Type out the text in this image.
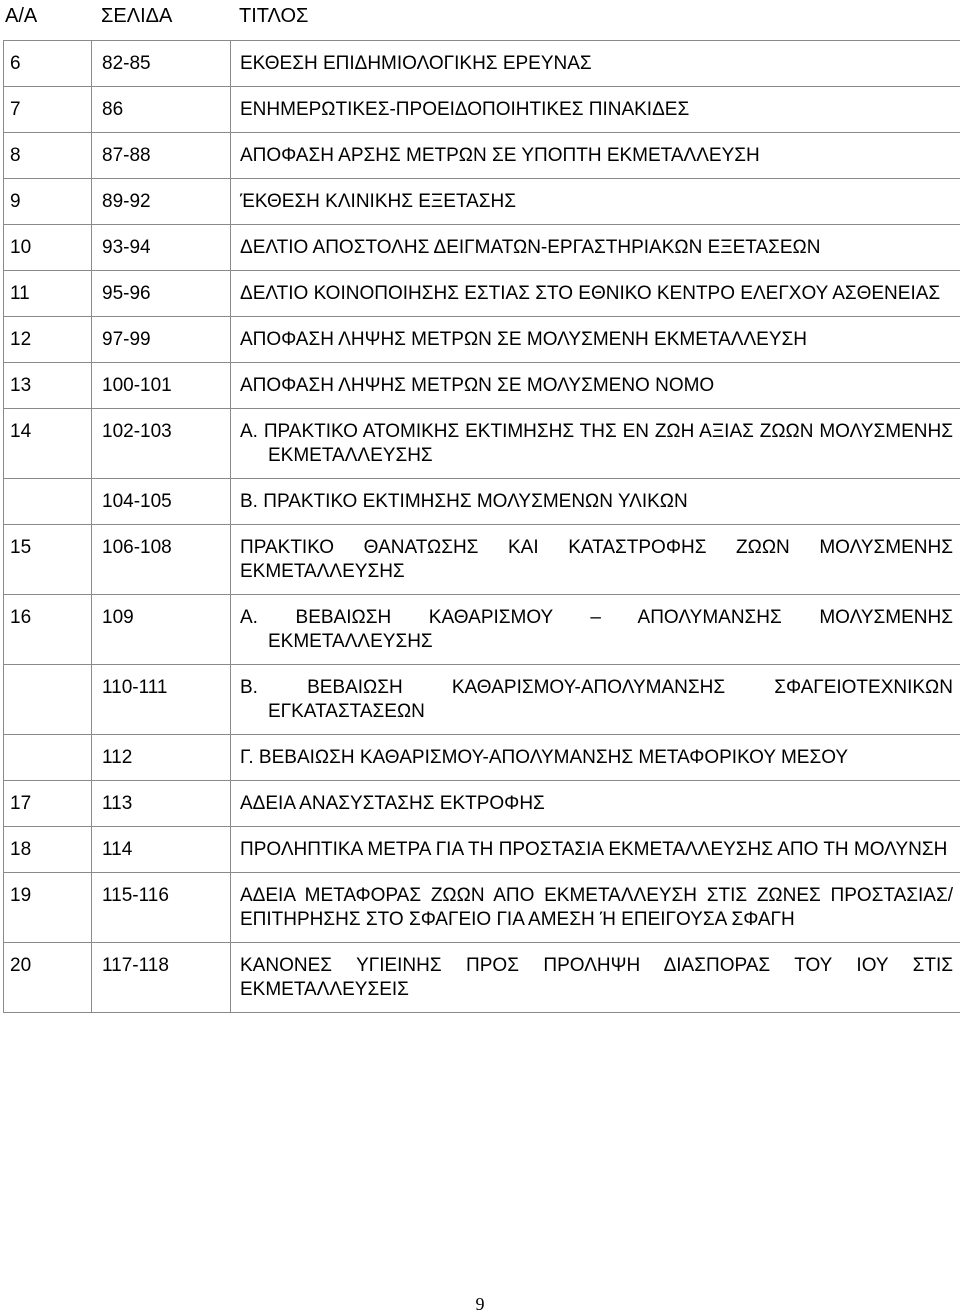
Α/Α	ΣΕΛΙΔΑ	ΤΙΤΛΟΣ
6	82-85	ΕΚΘΕΣΗ ΕΠΙΔΗΜΙΟΛΟΓΙΚΗΣ ΕΡΕΥΝΑΣ

7	86	ΕΝΗΜΕΡΩΤΙΚΕΣ-ΠΡΟΕΙΔΟΠΟΙΗΤΙΚΕΣ ΠΙΝΑΚΙΔΕΣ

8	87-88	ΑΠΟΦΑΣΗ ΑΡΣΗΣ ΜΕΤΡΩΝ ΣΕ ΥΠΟΠΤΗ ΕΚΜΕΤΑΛΛΕΥΣΗ

9	89-92	ΈΚΘΕΣΗ ΚΛΙΝΙΚΗΣ ΕΞΕΤΑΣΗΣ

10	93-94	ΔΕΛΤΙΟ ΑΠΟΣΤΟΛΗΣ ΔΕΙΓΜΑΤΩΝ-ΕΡΓΑΣΤΗΡΙΑΚΩΝ ΕΞΕΤΑΣΕΩΝ

11	95-96	ΔΕΛΤΙΟ ΚΟΙΝΟΠΟΙΗΣΗΣ ΕΣΤΙΑΣ ΣΤΟ ΕΘΝΙΚΟ ΚΕΝΤΡΟ ΕΛΕΓΧΟΥ ΑΣΘΕΝΕΙΑΣ

12	97-99	ΑΠΟΦΑΣΗ ΛΗΨΗΣ ΜΕΤΡΩΝ ΣΕ ΜΟΛΥΣΜΕΝΗ ΕΚΜΕΤΑΛΛΕΥΣΗ

13	100-101	ΑΠΟΦΑΣΗ ΛΗΨΗΣ ΜΕΤΡΩΝ ΣΕ ΜΟΛΥΣΜΕΝΟ ΝΟΜΟ

14	102-103	Α. ΠΡΑΚΤΙΚΟ ΑΤΟΜΙΚΗΣ ΕΚΤΙΜΗΣΗΣ ΤΗΣ ΕΝ ΖΩΗ ΑΞΙΑΣ ΖΩΩΝ ΜΟΛΥΣΜΕΝΗΣ ΕΚΜΕΤΑΛΛΕΥΣΗΣ

	104-105	Β. ΠΡΑΚΤΙΚΟ ΕΚΤΙΜΗΣΗΣ ΜΟΛΥΣΜΕΝΩΝ ΥΛΙΚΩΝ

15	106-108	ΠΡΑΚΤΙΚΟ ΘΑΝΑΤΩΣΗΣ ΚΑΙ ΚΑΤΑΣΤΡΟΦΗΣ ΖΩΩΝ ΜΟΛΥΣΜΕΝΗΣ ΕΚΜΕΤΑΛΛΕΥΣΗΣ

16	109	Α. ΒΕΒΑΙΩΣΗ ΚΑΘΑΡΙΣΜΟΥ – ΑΠΟΛΥΜΑΝΣΗΣ ΜΟΛΥΣΜΕΝΗΣ ΕΚΜΕΤΑΛΛΕΥΣΗΣ

	110-111	Β. ΒΕΒΑΙΩΣΗ ΚΑΘΑΡΙΣΜΟΥ-ΑΠΟΛΥΜΑΝΣΗΣ ΣΦΑΓΕΙΟΤΕΧΝΙΚΩΝ ΕΓΚΑΤΑΣΤΑΣΕΩΝ

	112	Γ. ΒΕΒΑΙΩΣΗ ΚΑΘΑΡΙΣΜΟΥ-ΑΠΟΛΥΜΑΝΣΗΣ ΜΕΤΑΦΟΡΙΚΟΥ ΜΕΣΟΥ

17	113	ΑΔΕΙΑ ΑΝΑΣΥΣΤΑΣΗΣ ΕΚΤΡΟΦΗΣ

18	114	ΠΡΟΛΗΠΤΙΚΑ ΜΕΤΡΑ ΓΙΑ ΤΗ ΠΡΟΣΤΑΣΙΑ ΕΚΜΕΤΑΛΛΕΥΣΗΣ ΑΠΟ ΤΗ ΜΟΛΥΝΣΗ

19	115-116	ΑΔΕΙΑ ΜΕΤΑΦΟΡΑΣ ΖΩΩΝ ΑΠΟ ΕΚΜΕΤΑΛΛΕΥΣΗ ΣΤΙΣ ΖΩΝΕΣ ΠΡΟΣΤΑΣΙΑΣ/ΕΠΙΤΗΡΗΣΗΣ ΣΤΟ ΣΦΑΓΕΙΟ ΓΙΑ ΑΜΕΣΗ Ή ΕΠΕΙΓΟΥΣΑ ΣΦΑΓΗ

20	117-118	ΚΑΝΟΝΕΣ ΥΓΙΕΙΝΗΣ ΠΡΟΣ ΠΡΟΛΗΨΗ ΔΙΑΣΠΟΡΑΣ ΤΟΥ ΙΟΥ ΣΤΙΣ ΕΚΜΕΤΑΛΛΕΥΣΕΙΣ
9
